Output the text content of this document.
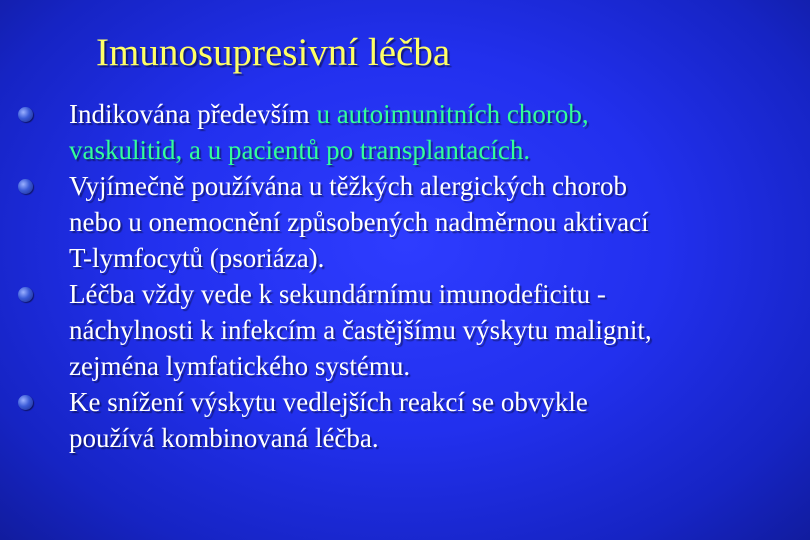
Imunosupresivní léčba
Indikována především u autoimunitních chorob,
vaskulitid, a u pacientů po transplantacích.
Vyjímečně používána u těžkých alergických chorob
nebo u onemocnění způsobených nadměrnou aktivací
T-lymfocytů (psoriáza).
Léčba vždy vede k sekundárnímu imunodeficitu -
náchylnosti k infekcím a častějšímu výskytu malignit,
zejména lymfatického systému.
Ke snížení výskytu vedlejších reakcí se obvykle
používá kombinovaná léčba.
